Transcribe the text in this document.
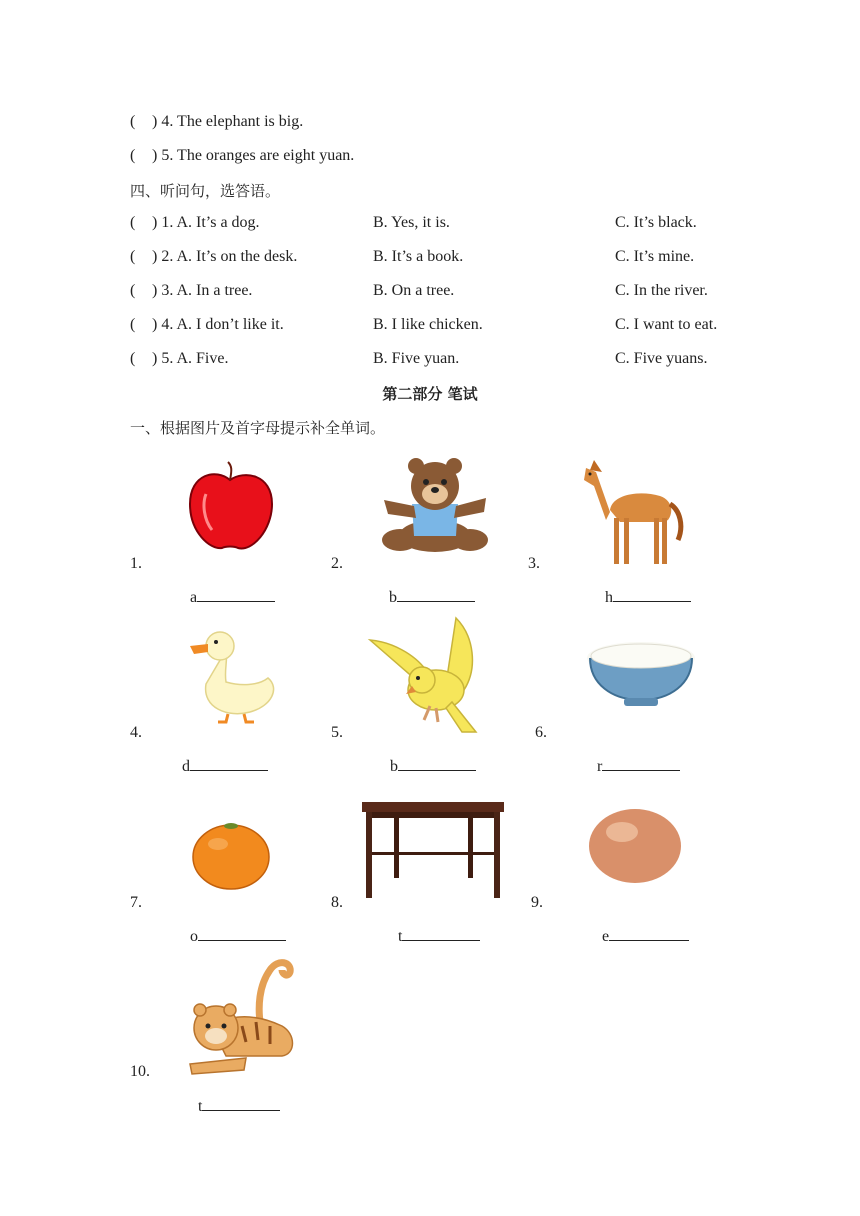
( ) 4. The elephant is big.
( ) 5. The oranges are eight yuan.
四、听问句，选答语。
( ) 1. A. It’s a dog.	B. Yes, it is.	C. It’s black.
( ) 2. A. It’s on the desk.	B. It’s a book.	C. It’s mine.
( ) 3. A. In a tree.	B. On a tree.	C. In the river.
( ) 4. A. I don’t like it.	B. I like chicken.	C. I want to eat.
( ) 5. A. Five.	B. Five yuan.	C. Five yuans.
第二部分 笔试
一、根据图片及首字母提示补全单词。
1.	2.	3.
a	b	h
4.	5.	6.
d	b	r
7.	8.	9.
o	t	e
10.
t
